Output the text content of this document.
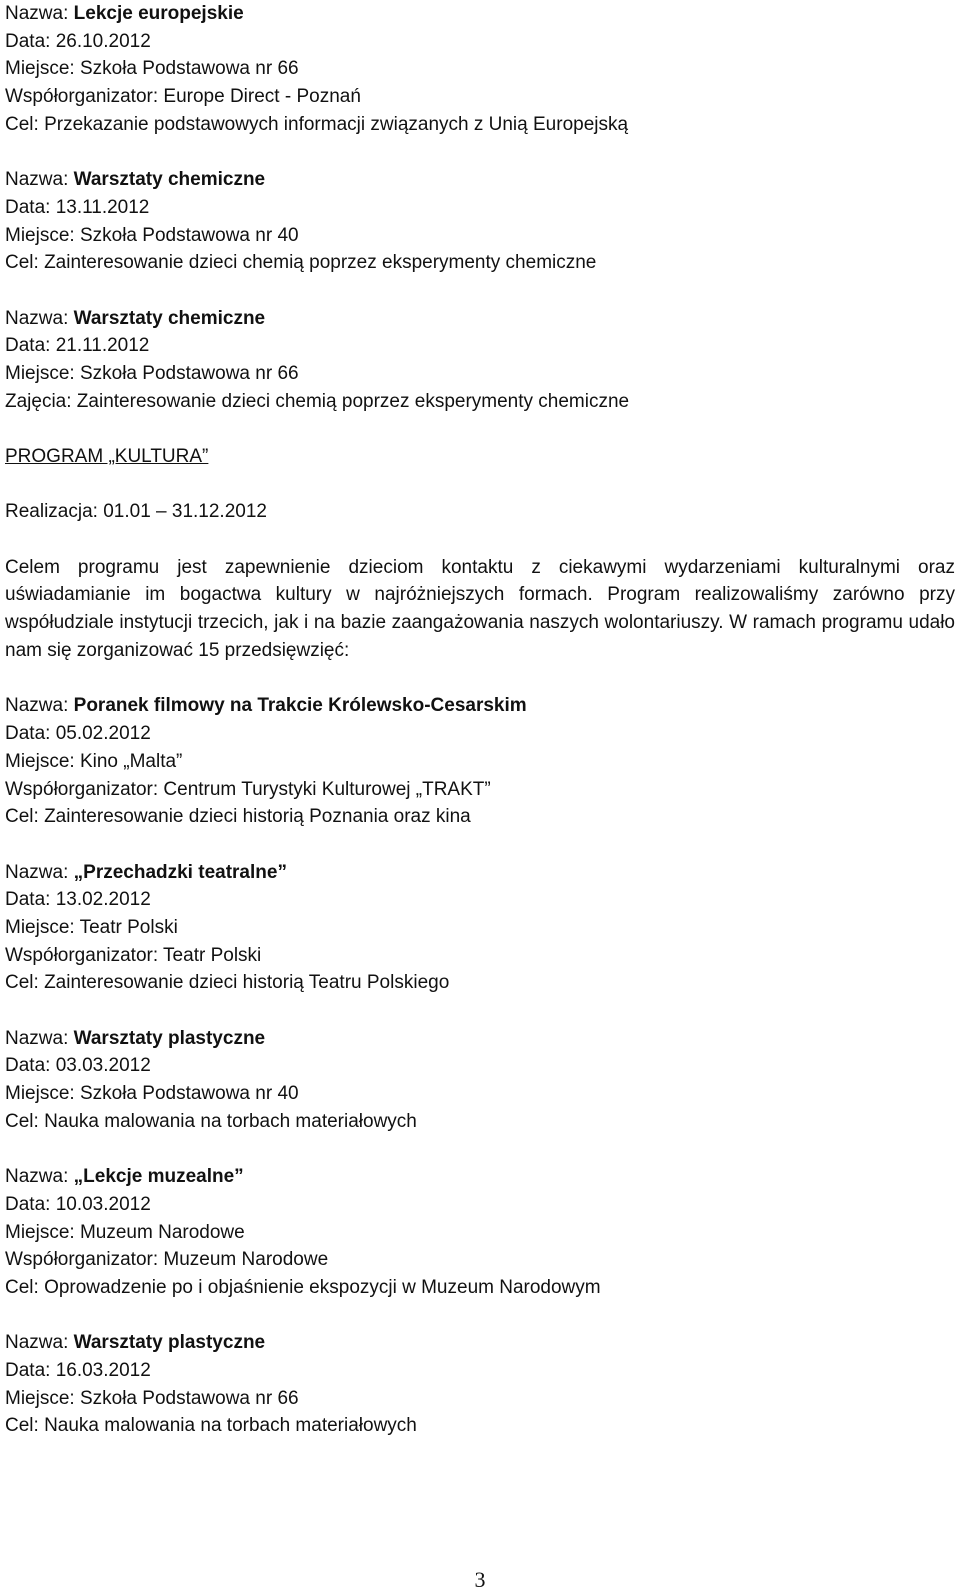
Nazwa: Lekcje europejskie
Data: 26.10.2012
Miejsce: Szkoła Podstawowa nr 66
Współorganizator: Europe Direct - Poznań
Cel: Przekazanie podstawowych informacji związanych z Unią Europejską
Nazwa: Warsztaty chemiczne
Data: 13.11.2012
Miejsce: Szkoła Podstawowa nr 40
Cel: Zainteresowanie dzieci chemią poprzez eksperymenty chemiczne
Nazwa: Warsztaty chemiczne
Data: 21.11.2012
Miejsce: Szkoła Podstawowa nr 66
Zajęcia: Zainteresowanie dzieci chemią poprzez eksperymenty chemiczne
PROGRAM „KULTURA”
Realizacja: 01.01 – 31.12.2012

Celem programu jest zapewnienie dzieciom kontaktu z ciekawymi wydarzeniami kulturalnymi oraz uświadamianie im bogactwa kultury w najróżniejszych formach. Program realizowaliśmy zarówno przy współudziale instytucji trzecich, jak i na bazie zaangażowania naszych wolontariuszy. W ramach programu udało nam się zorganizować 15 przedsięwzięć:

Nazwa: Poranek filmowy na Trakcie Królewsko-Cesarskim
Data: 05.02.2012
Miejsce: Kino „Malta”
Współorganizator: Centrum Turystyki Kulturowej „TRAKT”
Cel: Zainteresowanie dzieci historią Poznania oraz kina
Nazwa: „Przechadzki teatralne”
Data: 13.02.2012
Miejsce: Teatr Polski
Współorganizator: Teatr Polski
Cel: Zainteresowanie dzieci historią Teatru Polskiego
Nazwa: Warsztaty plastyczne
Data: 03.03.2012
Miejsce: Szkoła Podstawowa nr 40
Cel: Nauka malowania na torbach materiałowych
Nazwa: „Lekcje muzealne”
Data: 10.03.2012
Miejsce: Muzeum Narodowe
Współorganizator: Muzeum Narodowe
Cel: Oprowadzenie po i objaśnienie ekspozycji w Muzeum Narodowym
Nazwa: Warsztaty plastyczne
Data: 16.03.2012
Miejsce: Szkoła Podstawowa nr 66
Cel: Nauka malowania na torbach materiałowych
3
